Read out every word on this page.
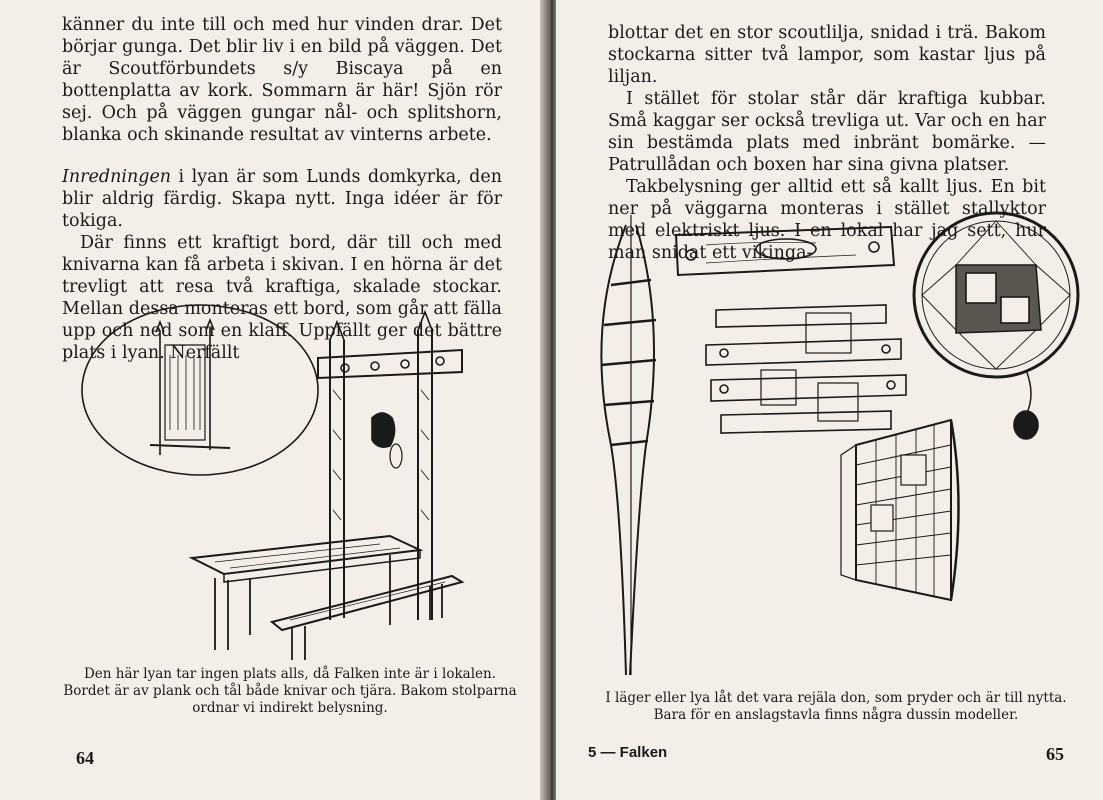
känner du inte till och med hur vinden drar. Det börjar gunga. Det blir liv i en bild på väggen. Det är Scoutförbundets s/y Biscaya på en bottenplatta av kork. Sommarn är här! Sjön rör sej. Och på väggen gungar nål- och splitshorn, blanka och skinande resultat av vinterns arbete.

Inredningen i lyan är som Lunds domkyrka, den blir aldrig färdig. Skapa nytt. Inga idéer är för tokiga.

Där finns ett kraftigt bord, där till och med knivarna kan få arbeta i skivan. I en hörna är det trevligt att resa två kraftiga, skalade stockar. Mellan dessa monteras ett bord, som går att fälla upp och ned som en klaff. Uppfällt ger det bättre plats i lyan. Nerfällt

Den här lyan tar ingen plats alls, då Falken inte är i lokalen. Bordet är av plank och tål både knivar och tjära. Bakom stolparna ordnar vi indirekt belysning.
64

blottar det en stor scoutlilja, snidad i trä. Bakom stockarna sitter två lampor, som kastar ljus på liljan.

I stället för stolar står där kraftiga kubbar. Små kaggar ser också trevliga ut. Var och en har sin bestämda plats med inbränt bomärke. — Patrullådan och boxen har sina givna platser.

Takbelysning ger alltid ett så kallt ljus. En bit ner på väggarna monteras i stället stallyktor med elektriskt ljus. I en lokal har jag sett, hur man snidat ett vikinga-

I läger eller lya låt det vara rejäla don, som pryder och är till nytta. Bara för en anslagstavla finns några dussin modeller.
5 — Falken	65
